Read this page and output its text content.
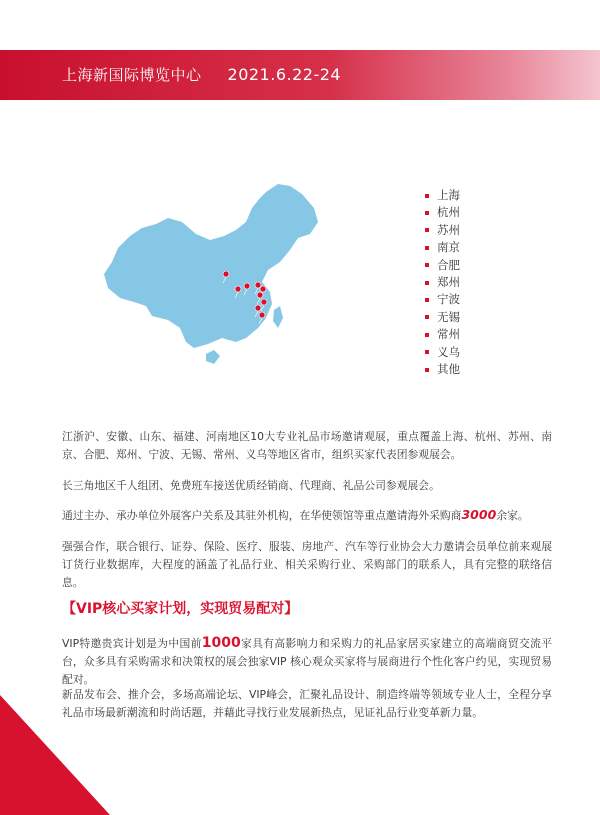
上海新国际博览中心 2021.6.22-24
上海
杭州
苏州
南京
合肥
郑州
宁波
无锡
常州
义乌
其他

江浙沪、安徽、山东、福建、河南地区10大专业礼品市场邀请观展，重点覆盖上海、杭州、苏州、南京、合肥、郑州、宁波、无锡、常州、义乌等地区省市，组织买家代表团参观展会。

长三角地区千人组团、免费班车接送优质经销商、代理商、礼品公司参观展会。

通过主办、承办单位外展客户关系及其驻外机构，在华使领馆等重点邀请海外采购商3000余家。

强强合作，联合银行、证券、保险、医疗、服装、房地产、汽车等行业协会大力邀请会员单位前来观展订货行业数据库，大程度的涵盖了礼品行业、相关采购行业、采购部门的联系人，具有完整的联络信息。

【VIP核心买家计划，实现贸易配对】

VIP特邀贵宾计划是为中国前1000家具有高影响力和采购力的礼品家居买家建立的高端商贸交流平台，众多具有采购需求和决策权的展会独家VIP 核心观众买家将与展商进行个性化客户约见，实现贸易配对。

新品发布会、推介会，多场高端论坛、VIP峰会，汇聚礼品设计、制造终端等领域专业人士，全程分享礼品市场最新潮流和时尚话题，并藉此寻找行业发展新热点，见证礼品行业变革新力量。
